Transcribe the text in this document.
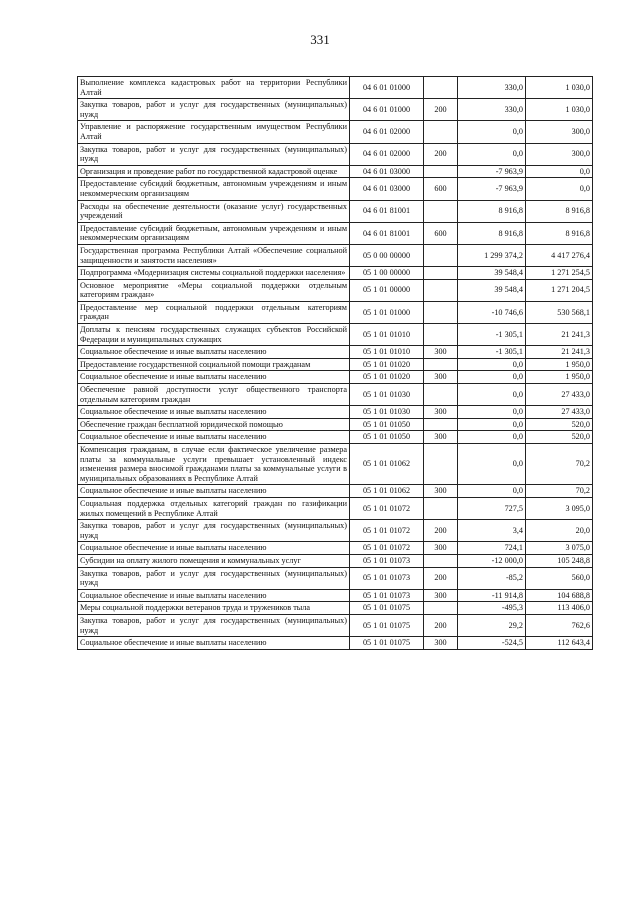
331
Выполнение комплекса кадастровых работ на территории Республики Алтай	04 6 01 01000		330,0	1 030,0
Закупка товаров, работ и услуг для государственных (муниципальных) нужд	04 6 01 01000	200	330,0	1 030,0
Управление и распоряжение государственным имуществом Республики Алтай	04 6 01 02000		0,0	300,0
Закупка товаров, работ и услуг для государственных (муниципальных) нужд	04 6 01 02000	200	0,0	300,0
Организация и проведение работ по государственной кадастровой оценке	04 6 01 03000		-7 963,9	0,0
Предоставление субсидий бюджетным, автономным учреждениям и иным некоммерческим организациям	04 6 01 03000	600	-7 963,9	0,0
Расходы на обеспечение деятельности (оказание услуг) государственных учреждений	04 6 01 81001		8 916,8	8 916,8
Предоставление субсидий бюджетным, автономным учреждениям и иным некоммерческим организациям	04 6 01 81001	600	8 916,8	8 916,8
Государственная программа Республики Алтай «Обеспечение социальной защищенности и занятости населения»	05 0 00 00000		1 299 374,2	4 417 276,4
Подпрограмма «Модернизация системы социальной поддержки населения»	05 1 00 00000		39 548,4	1 271 254,5
Основное мероприятие «Меры социальной поддержки отдельным категориям граждан»	05 1 01 00000		39 548,4	1 271 204,5
Предоставление мер социальной поддержки отдельным категориям граждан	05 1 01 01000		-10 746,6	530 568,1
Доплаты к пенсиям государственных служащих субъектов Российской Федерации и муниципальных служащих	05 1 01 01010		-1 305,1	21 241,3
Социальное обеспечение и иные выплаты населению	05 1 01 01010	300	-1 305,1	21 241,3
Предоставление государственной социальной помощи гражданам	05 1 01 01020		0,0	1 950,0
Социальное обеспечение и иные выплаты населению	05 1 01 01020	300	0,0	1 950,0
Обеспечение равной доступности услуг общественного транспорта отдельным категориям граждан	05 1 01 01030		0,0	27 433,0
Социальное обеспечение и иные выплаты населению	05 1 01 01030	300	0,0	27 433,0
Обеспечение граждан бесплатной юридической помощью	05 1 01 01050		0,0	520,0
Социальное обеспечение и иные выплаты населению	05 1 01 01050	300	0,0	520,0
Компенсация гражданам, в случае если фактическое увеличение размера платы за коммунальные услуги превышает установленный индекс изменения размера вносимой гражданами платы за коммунальные услуги в муниципальных образованиях в Республике Алтай	05 1 01 01062		0,0	70,2
Социальное обеспечение и иные выплаты населению	05 1 01 01062	300	0,0	70,2
Социальная поддержка отдельных категорий граждан по газификации жилых помещений в Республике Алтай	05 1 01 01072		727,5	3 095,0
Закупка товаров, работ и услуг для государственных (муниципальных) нужд	05 1 01 01072	200	3,4	20,0
Социальное обеспечение и иные выплаты населению	05 1 01 01072	300	724,1	3 075,0
Субсидии на оплату жилого помещения и коммунальных услуг	05 1 01 01073		-12 000,0	105 248,8
Закупка товаров, работ и услуг для государственных (муниципальных) нужд	05 1 01 01073	200	-85,2	560,0
Социальное обеспечение и иные выплаты населению	05 1 01 01073	300	-11 914,8	104 688,8
Меры социальной поддержки ветеранов труда и тружеников тыла	05 1 01 01075		-495,3	113 406,0
Закупка товаров, работ и услуг для государственных (муниципальных) нужд	05 1 01 01075	200	29,2	762,6
Социальное обеспечение и иные выплаты населению	05 1 01 01075	300	-524,5	112 643,4
